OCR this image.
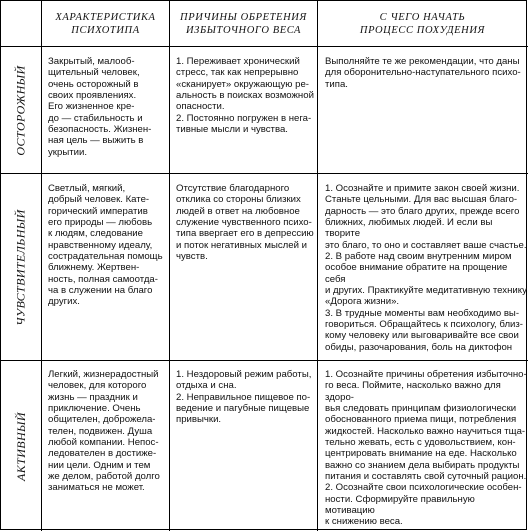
ХАРАКТЕРИСТИКА
ПСИХОТИПА
ПРИЧИНЫ ОБРЕТЕНИЯ
ИЗБЫТОЧНОГО ВЕСА
С ЧЕГО НАЧАТЬ
ПРОЦЕСС ПОХУДЕНИЯ
ОСТОРОЖНЫЙ
Закрытый, малооб-
щительный человек,
очень осторожный в
своих проявлениях.
Его жизненное кре-
до — стабильность и
безопасность. Жизнен-
ная цель — выжить в
укрытии.
1. Переживает хронический
стресс, так как непрерывно
«сканирует» окружающую ре-
альность в поисках возможной
опасности.
2. Постоянно погружен в нега-
тивные мысли и чувства.
Выполняйте те же рекомендации, что даны
для оборонительно-наступательного психо-
типа.
ЧУВСТВИТЕЛЬНЫЙ
Светлый, мягкий,
добрый человек. Кате-
горический императив
его природы — любовь
к людям, следование
нравственному идеалу,
сострадательная помощь
ближнему. Жертвен-
ность, полная самоотда-
ча в служении на благо
других.
Отсутствие благодарного
отклика со стороны близких
людей в ответ на любовное
служение чувственного психо-
типа ввергает его в депрессию
и поток негативных мыслей и
чувств.
1. Осознайте и примите закон своей жизни.
Станьте цельными. Для вас высшая благо-
дарность — это благо других, прежде всего
ближних, любимых людей. И если вы творите
это благо, то оно и составляет ваше счастье.
2. В работе над своим внутренним миром
особое внимание обратите на прощение себя
и других. Практикуйте медитативную технику
«Дорога жизни».
3. В трудные моменты вам необходимо вы-
говориться. Обращайтесь к психологу, близ-
кому человеку или выговаривайте все свои
обиды, разочарования, боль на диктофон
АКТИВНЫЙ
Легкий, жизнерадостный
человек, для которого
жизнь — праздник и
приключение. Очень
общителен, доброжела-
телен, подвижен. Душа
любой компании. Непос-
ледователен в достиже-
нии цели. Одним и тем
же делом, работой долго
заниматься не может.
1. Нездоровый режим работы,
отдыха и сна.
2. Неправильное пищевое по-
ведение и пагубные пищевые
привычки.
1. Осознайте причины обретения избыточно-
го веса. Поймите, насколько важно для здоро-
вья следовать принципам физиологически
обоснованного приема пищи, потребления
жидкостей. Насколько важно научиться тща-
тельно жевать, есть с удовольствием, кон-
центрировать внимание на еде. Насколько
важно со знанием дела выбирать продукты
питания и составлять свой суточный рацион.
2. Осознайте свои психологические особен-
ности. Сформируйте правильную мотивацию
к снижению веса.
